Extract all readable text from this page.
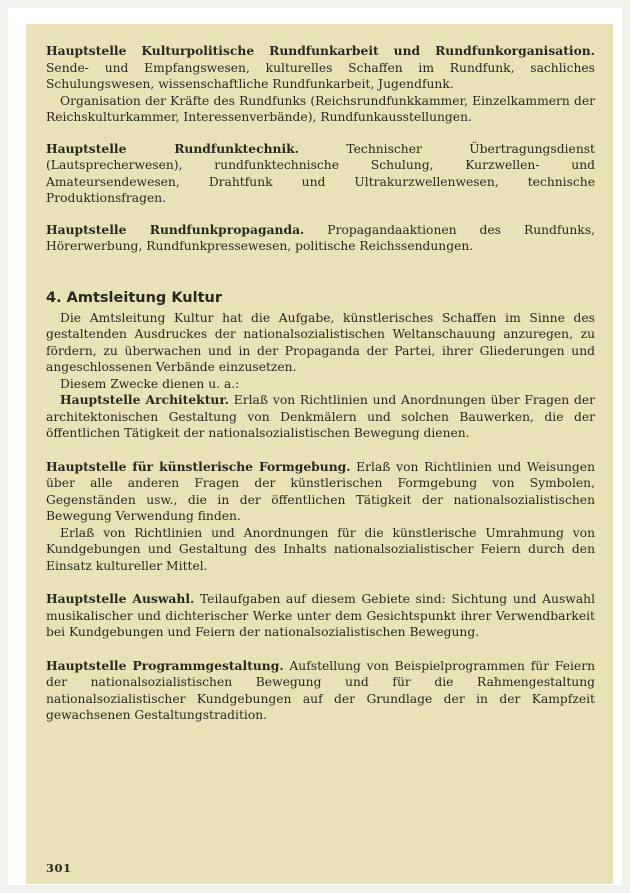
Hauptstelle Kulturpolitische Rundfunkarbeit und Rundfunkorganisation. Sende- und Empfangswesen, kulturelles Schaffen im Rundfunk, sachliches Schulungswesen, wissenschaftliche Rundfunkarbeit, Jugendfunk.

Organisation der Kräfte des Rundfunks (Reichsrundfunkkammer, Einzelkammern der Reichskulturkammer, Interessenverbände), Rundfunkausstellungen.

Hauptstelle Rundfunktechnik.	Technischer Übertragungsdienst (Lautsprecherwesen), rundfunktechnische Schulung, Kurzwellen- und Amateursendewesen, Drahtfunk und Ultrakurzwellenwesen, technische Produktionsfragen.

Hauptstelle Rundfunkpropaganda. Propagandaaktionen des Rundfunks, Hörerwerbung, Rundfunkpressewesen, politische Reichssendungen.

4. Amtsleitung Kultur

Die Amtsleitung Kultur hat die Aufgabe, künstlerisches Schaffen im Sinne des gestaltenden Ausdruckes der nationalsozialistischen Weltanschauung anzuregen, zu fördern, zu überwachen und in der Propaganda der Partei, ihrer Gliederungen und angeschlossenen Verbände einzusetzen.

Diesem Zwecke dienen u. a.:

Hauptstelle Architektur. Erlaß von Richtlinien und Anordnungen über Fragen der architektonischen Gestaltung von Denkmälern und solchen Bauwerken, die der öffentlichen Tätigkeit der nationalsozialistischen Bewegung dienen.

Hauptstelle für künstlerische Formgebung. Erlaß von Richtlinien und Weisungen über alle anderen Fragen der künstlerischen Formgebung von Symbolen, Gegenständen usw., die in der öffentlichen Tätigkeit der nationalsozialistischen Bewegung Verwendung finden.

Erlaß von Richtlinien und Anordnungen für die künstlerische Umrahmung von Kundgebungen und Gestaltung des Inhalts nationalsozialistischer Feiern durch den Einsatz kultureller Mittel.

Hauptstelle Auswahl. Teilaufgaben auf diesem Gebiete sind: Sichtung und Auswahl musikalischer und dichterischer Werke unter dem Gesichtspunkt ihrer Verwendbarkeit bei Kundgebungen und Feiern der nationalsozialistischen Bewegung.

Hauptstelle Programmgestaltung. Aufstellung von Beispielprogrammen für Feiern der nationalsozialistischen Bewegung und für die Rahmengestaltung nationalsozialistischer Kundgebungen auf der Grundlage der in der Kampfzeit gewachsenen Gestaltungstradition.

301
